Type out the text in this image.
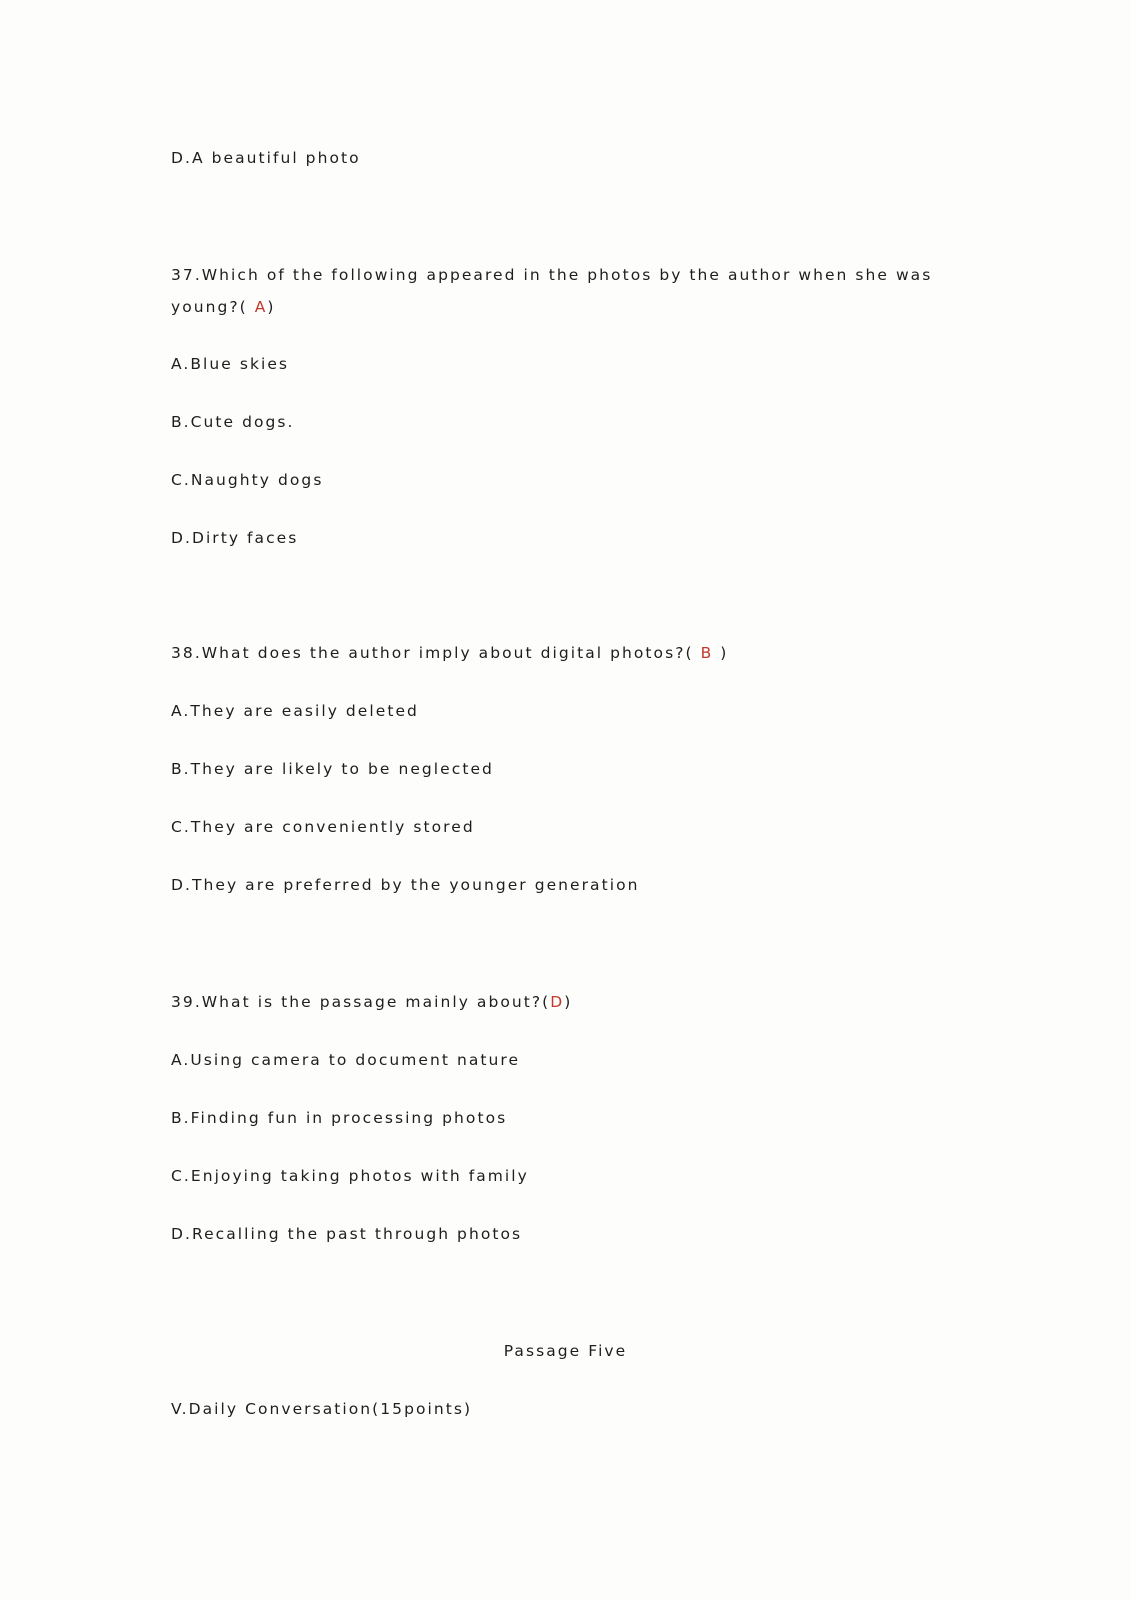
D.A beautiful photo
37.Which of the following appeared in the photos by the author when she was
young?( A)
A.Blue skies
B.Cute dogs.
C.Naughty dogs
D.Dirty faces
38.What does the author imply about digital photos?( B )
A.They are easily deleted
B.They are likely to be neglected
C.They are conveniently stored
D.They are preferred by the younger generation
39.What is the passage mainly about?(D)
A.Using camera to document nature
B.Finding fun in processing photos
C.Enjoying taking photos with family
D.Recalling the past through photos
Passage Five
V.Daily Conversation(15points)
